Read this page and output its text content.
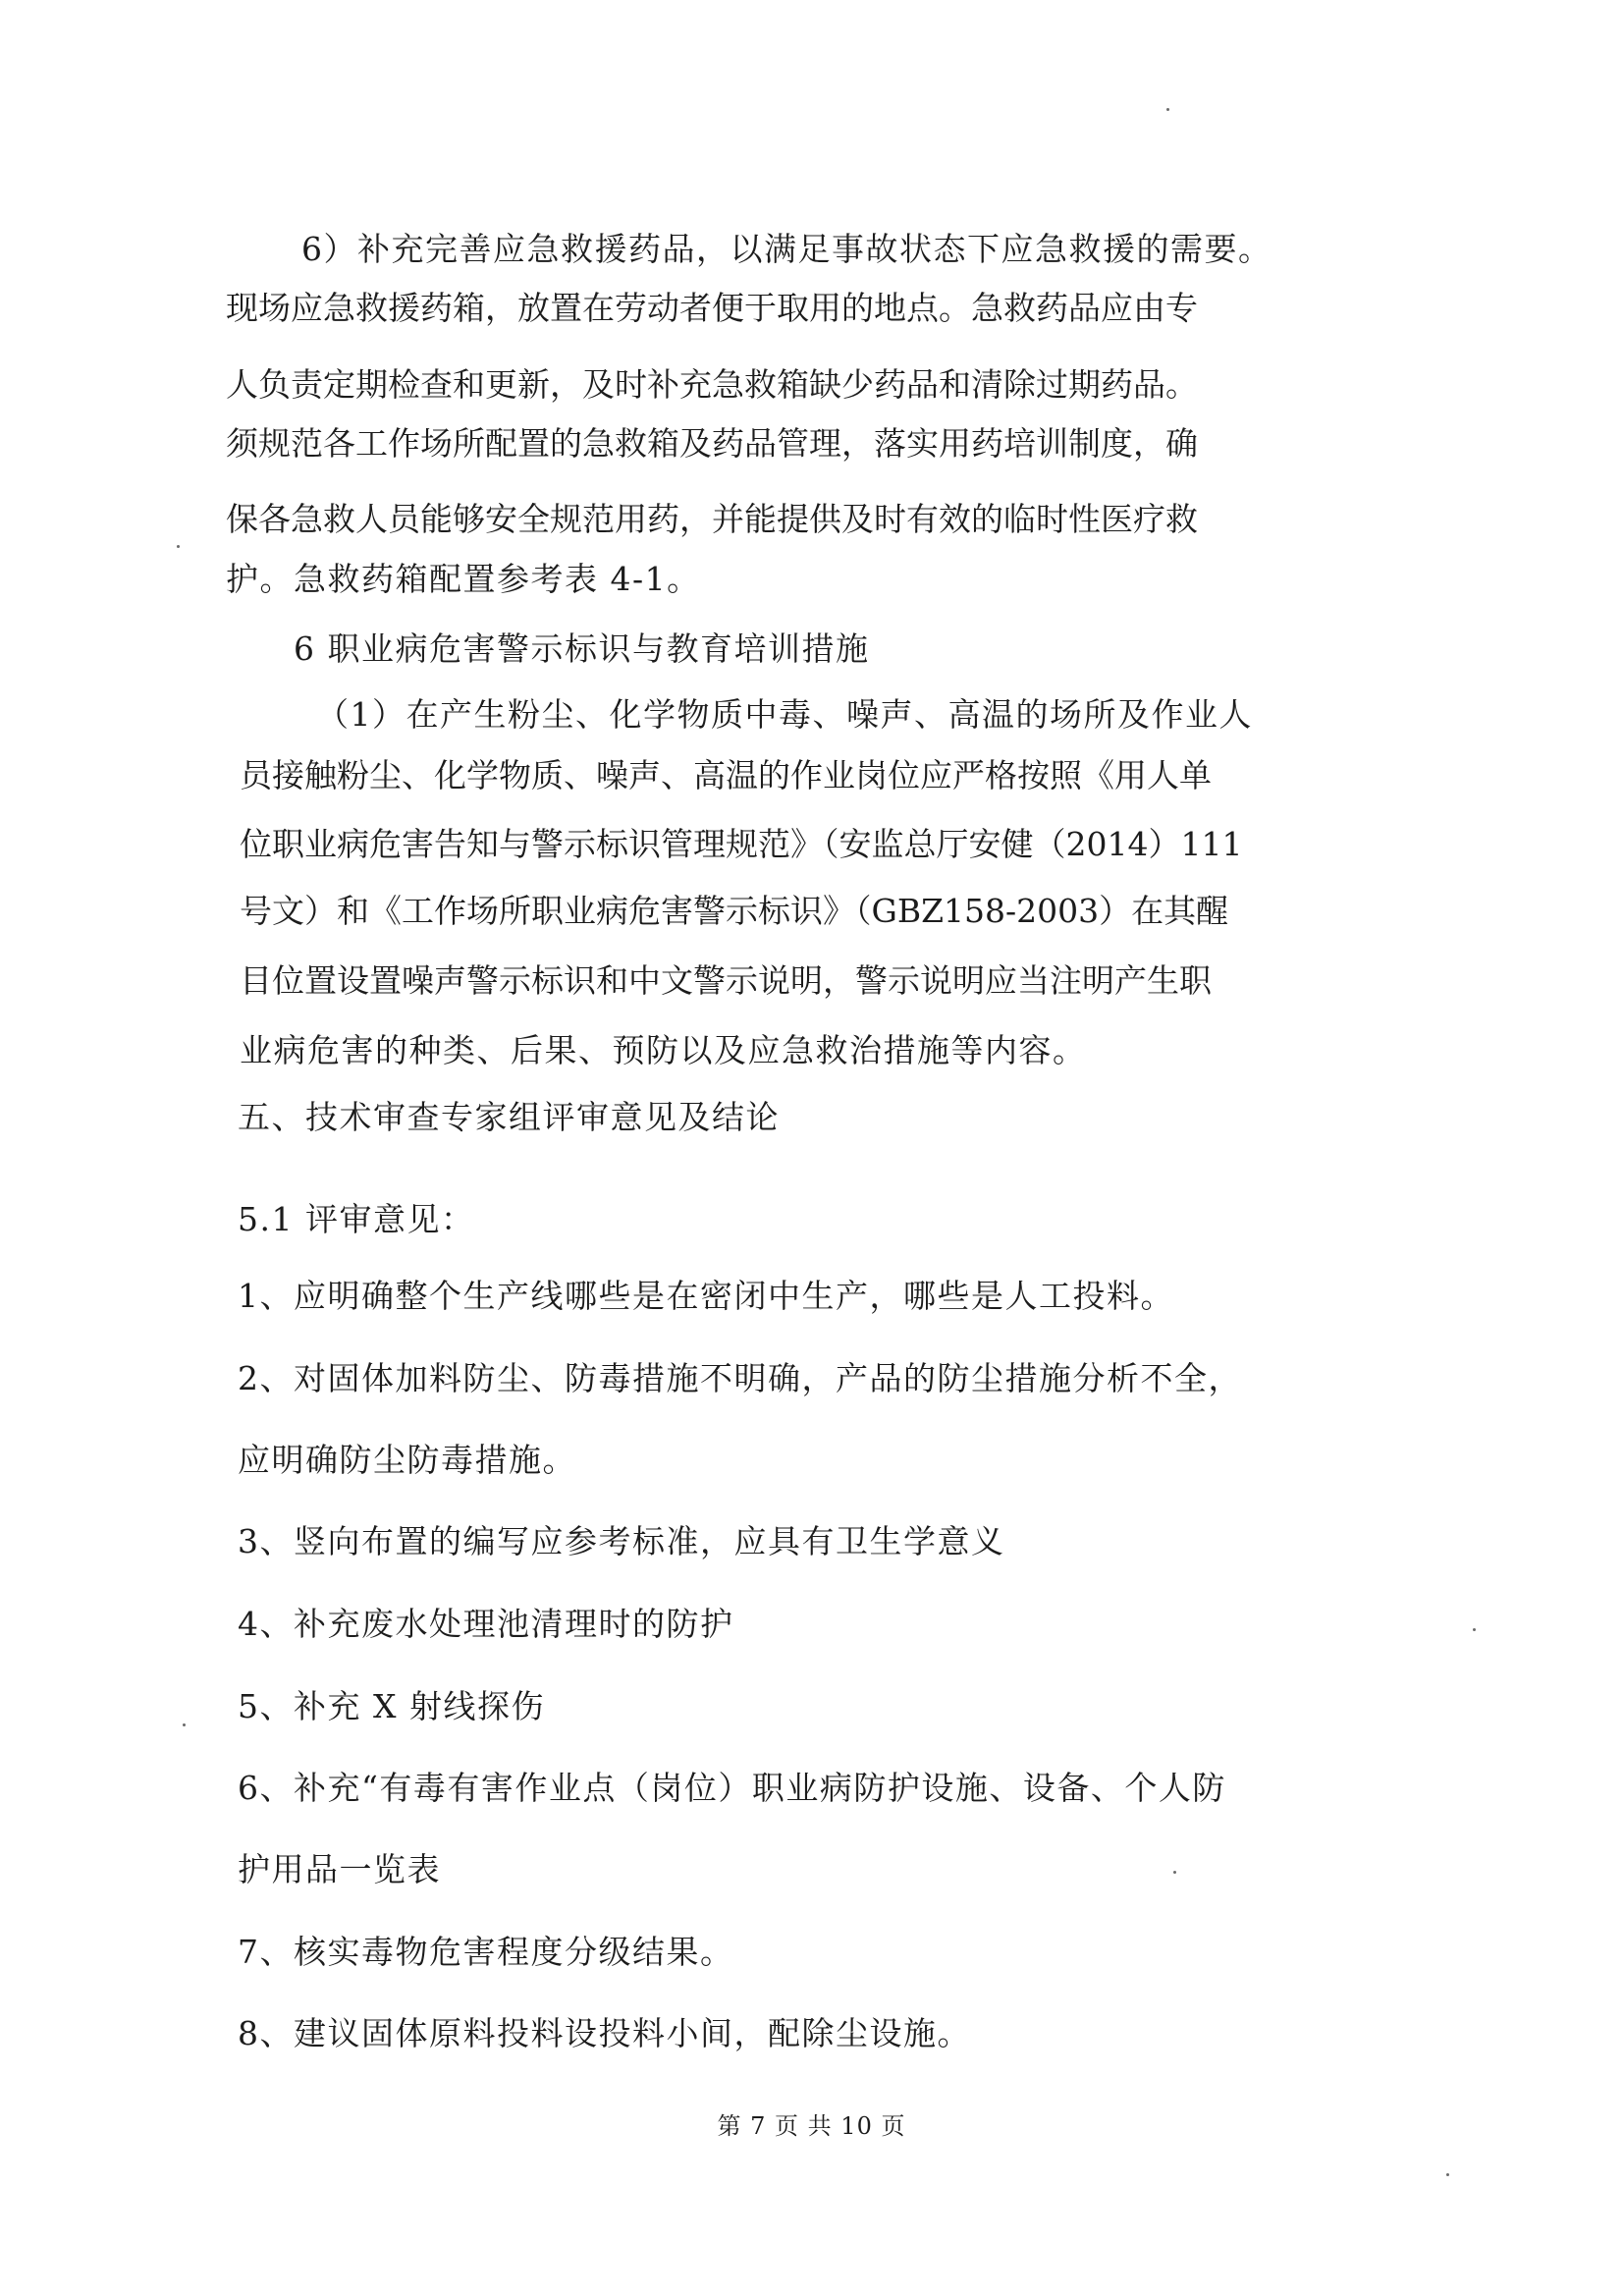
6）补充完善应急救援药品，以满足事故状态下应急救援的需要。
现场应急救援药箱，放置在劳动者便于取用的地点。急救药品应由专
人负责定期检查和更新，及时补充急救箱缺少药品和清除过期药品。
须规范各工作场所配置的急救箱及药品管理，落实用药培训制度，确
保各急救人员能够安全规范用药，并能提供及时有效的临时性医疗救
护。急救药箱配置参考表 4-1。
6 职业病危害警示标识与教育培训措施
（1）在产生粉尘、化学物质中毒、噪声、高温的场所及作业人
员接触粉尘、化学物质、噪声、高温的作业岗位应严格按照《用人单
位职业病危害告知与警示标识管理规范》（安监总厅安健（2014）111
号文）和《工作场所职业病危害警示标识》（GBZ158-2003）在其醒
目位置设置噪声警示标识和中文警示说明，警示说明应当注明产生职
业病危害的种类、后果、预防以及应急救治措施等内容。
五、技术审查专家组评审意见及结论
5.1 评审意见：
1、应明确整个生产线哪些是在密闭中生产，哪些是人工投料。
2、对固体加料防尘、防毒措施不明确，产品的防尘措施分析不全，
应明确防尘防毒措施。
3、竖向布置的编写应参考标准，应具有卫生学意义
4、补充废水处理池清理时的防护
5、补充 X 射线探伤
6、补充“有毒有害作业点（岗位）职业病防护设施、设备、个人防
护用品一览表
7、核实毒物危害程度分级结果。
8、建议固体原料投料设投料小间，配除尘设施。
第 7 页 共 10 页
